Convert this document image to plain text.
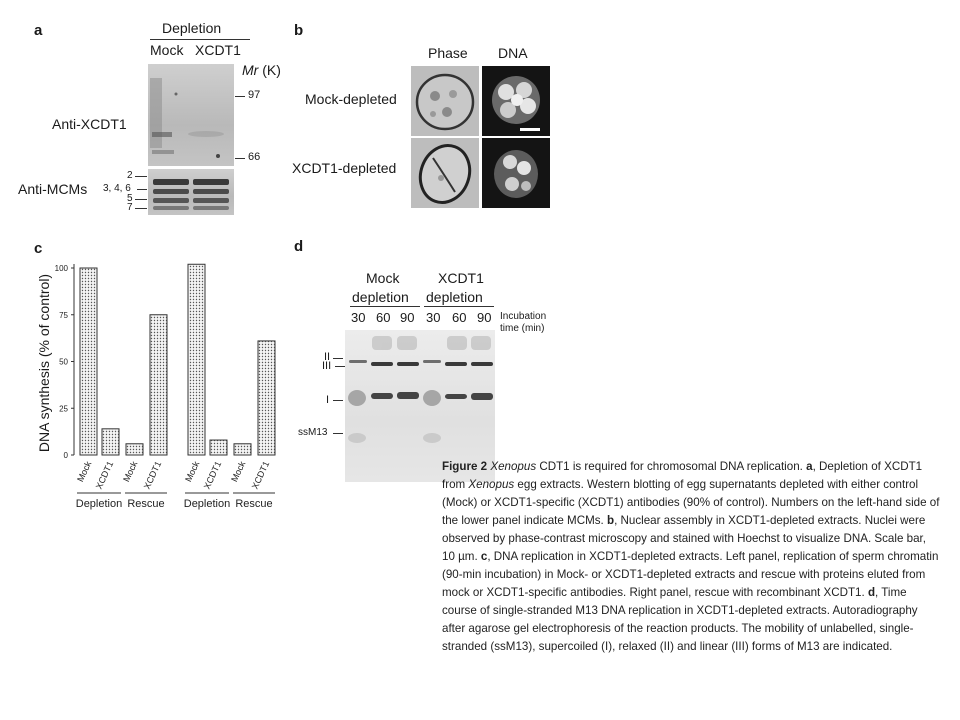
a	Depletion
Mock XCDT1
Mr (K)
97
66
Anti-XCDT1
Anti-MCMs
2
3, 4, 6
5
7
b
Phase DNA
Mock-depleted
XCDT1-depleted
c
DNA synthesis (% of control)
0
25
50
75
100
Mock XCDT1 Mock XCDT1
Depletion Rescue
Mock XCDT1 Mock XCDT1
Depletion Rescue
d
Mock
depletion
XCDT1
depletion
30 60 90 30 60 90 Incubation
time (min)
II
III
I
ssM13
Figure 2 Xenopus CDT1 is required for chromosomal DNA replication. a, Depletion of XCDT1 from Xenopus egg extracts. Western blotting of egg supernatants depleted with either control (Mock) or XCDT1-specific (XCDT1) antibodies (90% of control). Numbers on the left-hand side of the lower panel indicate MCMs. b, Nuclear assembly in XCDT1-depleted extracts. Nuclei were observed by phase-contrast microscopy and stained with Hoechst to visualize DNA. Scale bar, 10 µm. c, DNA replication in XCDT1-depleted extracts. Left panel, replication of sperm chromatin (90-min incubation) in Mock- or XCDT1-depleted extracts and rescue with proteins eluted from mock or XCDT1-specific antibodies. Right panel, rescue with recombinant XCDT1. d, Time course of single-stranded M13 DNA replication in XCDT1-depleted extracts. Autoradiography after agarose gel electrophoresis of the reaction products. The mobility of unlabelled, single-stranded (ssM13), supercoiled (I), relaxed (II) and linear (III) forms of M13 are indicated.
